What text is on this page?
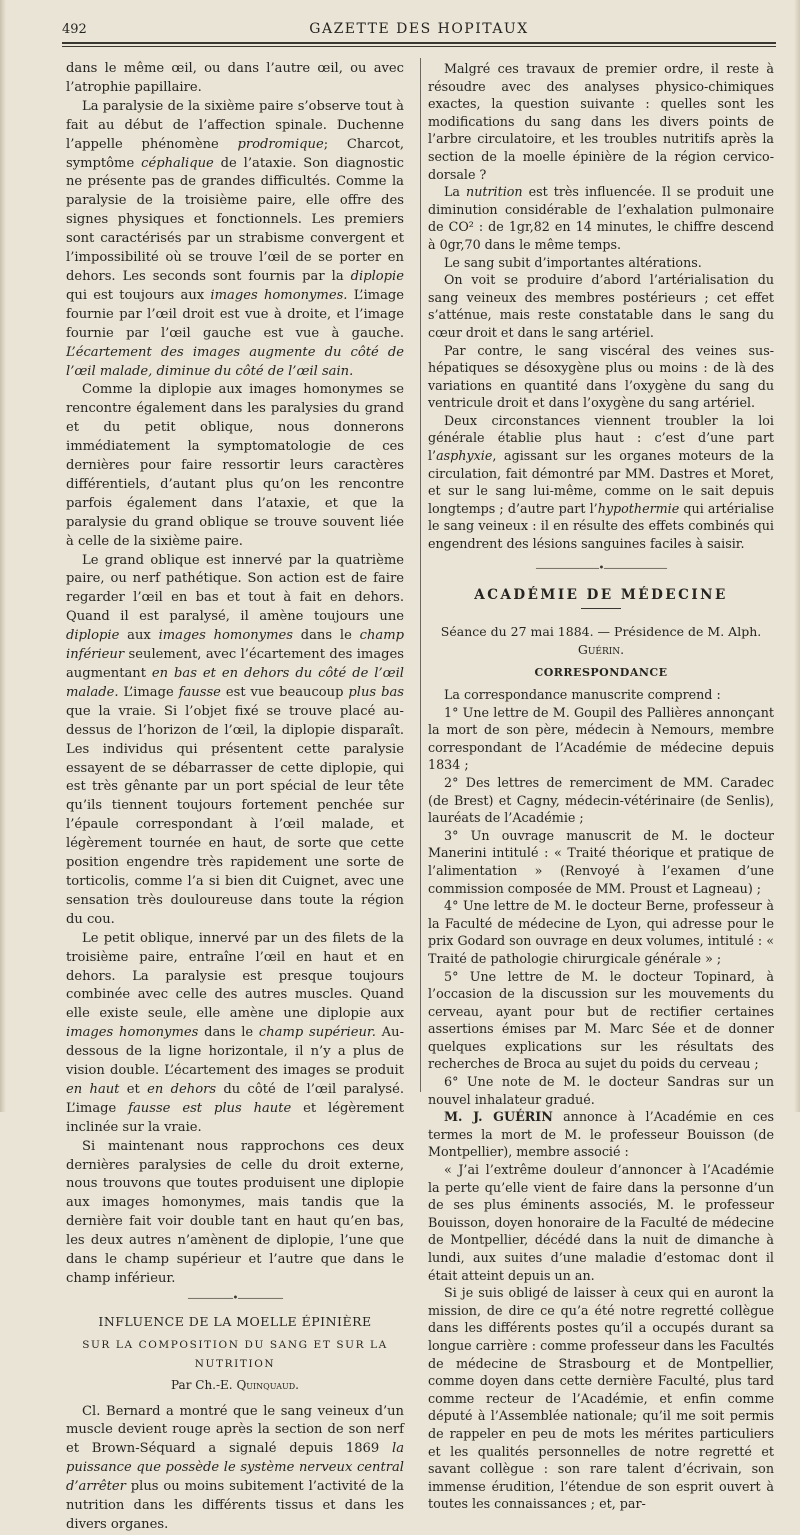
492	GAZETTE DES HOPITAUX

dans le même œil, ou dans l’autre œil, ou avec l’atrophie papillaire.

La paralysie de la sixième paire s’observe tout à fait au début de l’affection spinale. Duchenne l’appelle phénomène prodromique; Charcot, symptôme céphalique de l’ataxie. Son diagnostic ne présente pas de grandes difficultés. Comme la paralysie de la troisième paire, elle offre des signes physiques et fonctionnels. Les premiers sont caractérisés par un strabisme convergent et l’impossibilité où se trouve l’œil de se porter en dehors. Les seconds sont fournis par la diplopie qui est toujours aux images homonymes. L’image fournie par l’œil droit est vue à droite, et l’image fournie par l’œil gauche est vue à gauche. L’écartement des images augmente du côté de l’œil malade, diminue du côté de l’œil sain.

Comme la diplopie aux images homonymes se rencontre également dans les paralysies du grand et du petit oblique, nous donnerons immédiatement la symptomatologie de ces dernières pour faire ressortir leurs caractères différentiels, d’autant plus qu’on les rencontre parfois également dans l’ataxie, et que la paralysie du grand oblique se trouve souvent liée à celle de la sixième paire.

Le grand oblique est innervé par la quatrième paire, ou nerf pathétique. Son action est de faire regarder l’œil en bas et tout à fait en dehors. Quand il est paralysé, il amène toujours une diplopie aux images homonymes dans le champ inférieur seulement, avec l’écartement des images augmentant en bas et en dehors du côté de l’œil malade. L’image fausse est vue beaucoup plus bas que la vraie. Si l’objet fixé se trouve placé au-dessus de l’horizon de l’œil, la diplopie disparaît. Les individus qui présentent cette paralysie essayent de se débarrasser de cette diplopie, qui est très gênante par un port spécial de leur tête qu’ils tiennent toujours fortement penchée sur l’épaule correspondant à l’œil malade, et légèrement tournée en haut, de sorte que cette position engendre très rapidement une sorte de torticolis, comme l’a si bien dit Cuignet, avec une sensation très douloureuse dans toute la région du cou.

Le petit oblique, innervé par un des filets de la troisième paire, entraîne l’œil en haut et en dehors. La paralysie est presque toujours combinée avec celle des autres muscles. Quand elle existe seule, elle amène une diplopie aux images homonymes dans le champ supérieur. Au-dessous de la ligne horizontale, il n’y a plus de vision double. L’écartement des images se produit en haut et en dehors du côté de l’œil paralysé. L’image fausse est plus haute et légèrement inclinée sur la vraie.

Si maintenant nous rapprochons ces deux dernières paralysies de celle du droit externe, nous trouvons que toutes produisent une diplopie aux images homonymes, mais tandis que la dernière fait voir double tant en haut qu’en bas, les deux autres n’amènent de diplopie, l’une que dans le champ supérieur et l’autre que dans le champ inférieur.

—————•—————
INFLUENCE DE LA MOELLE ÉPINIÈRE
SUR LA COMPOSITION DU SANG ET SUR LA NUTRITION
Par Ch.-E. Quinquaud.

Cl. Bernard a montré que le sang veineux d’un muscle devient rouge après la section de son nerf et Brown-Séquard a signalé depuis 1869 la puissance que possède le système nerveux central d’arrêter plus ou moins subitement l’activité de la nutrition dans les différents tissus et dans les divers organes.

Malgré ces travaux de premier ordre, il reste à résoudre avec des analyses physico-chimiques exactes, la question suivante : quelles sont les modifications du sang dans les divers points de l’arbre circulatoire, et les troubles nutritifs après la section de la moelle épinière de la région cervico-dorsale ?

La nutrition est très influencée. Il se produit une diminution considérable de l’exhalation pulmonaire de CO² : de 1gr,82 en 14 minutes, le chiffre descend à 0gr,70 dans le même temps.

Le sang subit d’importantes altérations.

On voit se produire d’abord l’artérialisation du sang veineux des membres postérieurs ; cet effet s’atténue, mais reste constatable dans le sang du cœur droit et dans le sang artériel.

Par contre, le sang viscéral des veines sus-hépatiques se désoxygène plus ou moins : de là des variations en quantité dans l’oxygène du sang du ventricule droit et dans l’oxygène du sang artériel.

Deux circonstances viennent troubler la loi générale établie plus haut : c’est d’une part l’asphyxie, agissant sur les organes moteurs de la circulation, fait démontré par MM. Dastres et Moret, et sur le sang lui-même, comme on le sait depuis longtemps ; d’autre part l’hypothermie qui artérialise le sang veineux : il en résulte des effets combinés qui engendrent des lésions sanguines faciles à saisir.

———————•———————
ACADÉMIE DE MÉDECINE
Séance du 27 mai 1884. — Présidence de M. Alph. Guérin.
CORRESPONDANCE

La correspondance manuscrite comprend :

1° Une lettre de M. Goupil des Pallières annonçant la mort de son père, médecin à Nemours, membre correspondant de l’Académie de médecine depuis 1834 ;

2° Des lettres de remerciment de MM. Caradec (de Brest) et Cagny, médecin-vétérinaire (de Senlis), lauréats de l’Académie ;

3° Un ouvrage manuscrit de M. le docteur Manerini intitulé : « Traité théorique et pratique de l’alimentation » (Renvoyé à l’examen d’une commission composée de MM. Proust et Lagneau) ;

4° Une lettre de M. le docteur Berne, professeur à la Faculté de médecine de Lyon, qui adresse pour le prix Godard son ouvrage en deux volumes, intitulé : « Traité de pathologie chirurgicale générale » ;

5° Une lettre de M. le docteur Topinard, à l’occasion de la discussion sur les mouvements du cerveau, ayant pour but de rectifier certaines assertions émises par M. Marc Sée et de donner quelques explications sur les résultats des recherches de Broca au sujet du poids du cerveau ;

6° Une note de M. le docteur Sandras sur un nouvel inhalateur gradué.

M. J. GUÉRIN annonce à l’Académie en ces termes la mort de M. le professeur Bouisson (de Montpellier), membre associé :

« J’ai l’extrême douleur d’annoncer à l’Académie la perte qu’elle vient de faire dans la personne d’un de ses plus éminents associés, M. le professeur Bouisson, doyen honoraire de la Faculté de médecine de Montpellier, décédé dans la nuit de dimanche à lundi, aux suites d’une maladie d’estomac dont il était atteint depuis un an.

Si je suis obligé de laisser à ceux qui en auront la mission, de dire ce qu’a été notre regretté collègue dans les différents postes qu’il a occupés durant sa longue carrière : comme professeur dans les Facultés de médecine de Strasbourg et de Montpellier, comme doyen dans cette dernière Faculté, plus tard comme recteur de l’Académie, et enfin comme député à l’Assemblée nationale; qu’il me soit permis de rappeler en peu de mots les mérites particuliers et les qualités personnelles de notre regretté et savant collègue : son rare talent d’écrivain, son immense érudition, l’étendue de son esprit ouvert à toutes les connaissances ; et, par-
